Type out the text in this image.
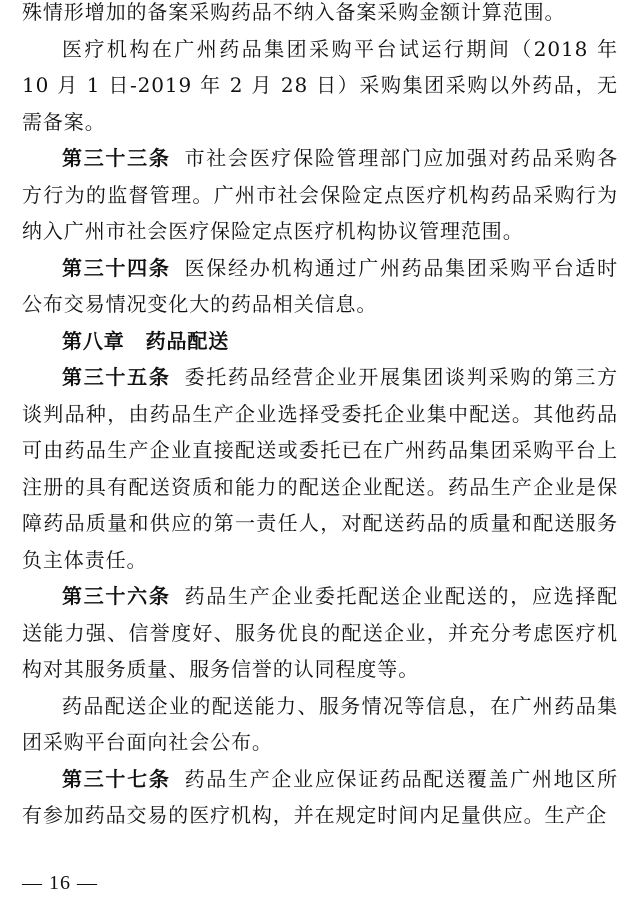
殊情形增加的备案采购药品不纳入备案采购金额计算范围。

医疗机构在广州药品集团采购平台试运行期间（2018 年 10 月 1 日-2019 年 2 月 28 日）采购集团采购以外药品，无需备案。

第三十三条 市社会医疗保险管理部门应加强对药品采购各方行为的监督管理。广州市社会保险定点医疗机构药品采购行为纳入广州市社会医疗保险定点医疗机构协议管理范围。

第三十四条 医保经办机构通过广州药品集团采购平台适时公布交易情况变化大的药品相关信息。

第八章　药品配送

第三十五条 委托药品经营企业开展集团谈判采购的第三方谈判品种，由药品生产企业选择受委托企业集中配送。其他药品可由药品生产企业直接配送或委托已在广州药品集团采购平台上注册的具有配送资质和能力的配送企业配送。药品生产企业是保障药品质量和供应的第一责任人，对配送药品的质量和配送服务负主体责任。

第三十六条 药品生产企业委托配送企业配送的，应选择配送能力强、信誉度好、服务优良的配送企业，并充分考虑医疗机构对其服务质量、服务信誉的认同程度等。

药品配送企业的配送能力、服务情况等信息，在广州药品集团采购平台面向社会公布。

第三十七条 药品生产企业应保证药品配送覆盖广州地区所有参加药品交易的医疗机构，并在规定时间内足量供应。生产企

— 16 —
